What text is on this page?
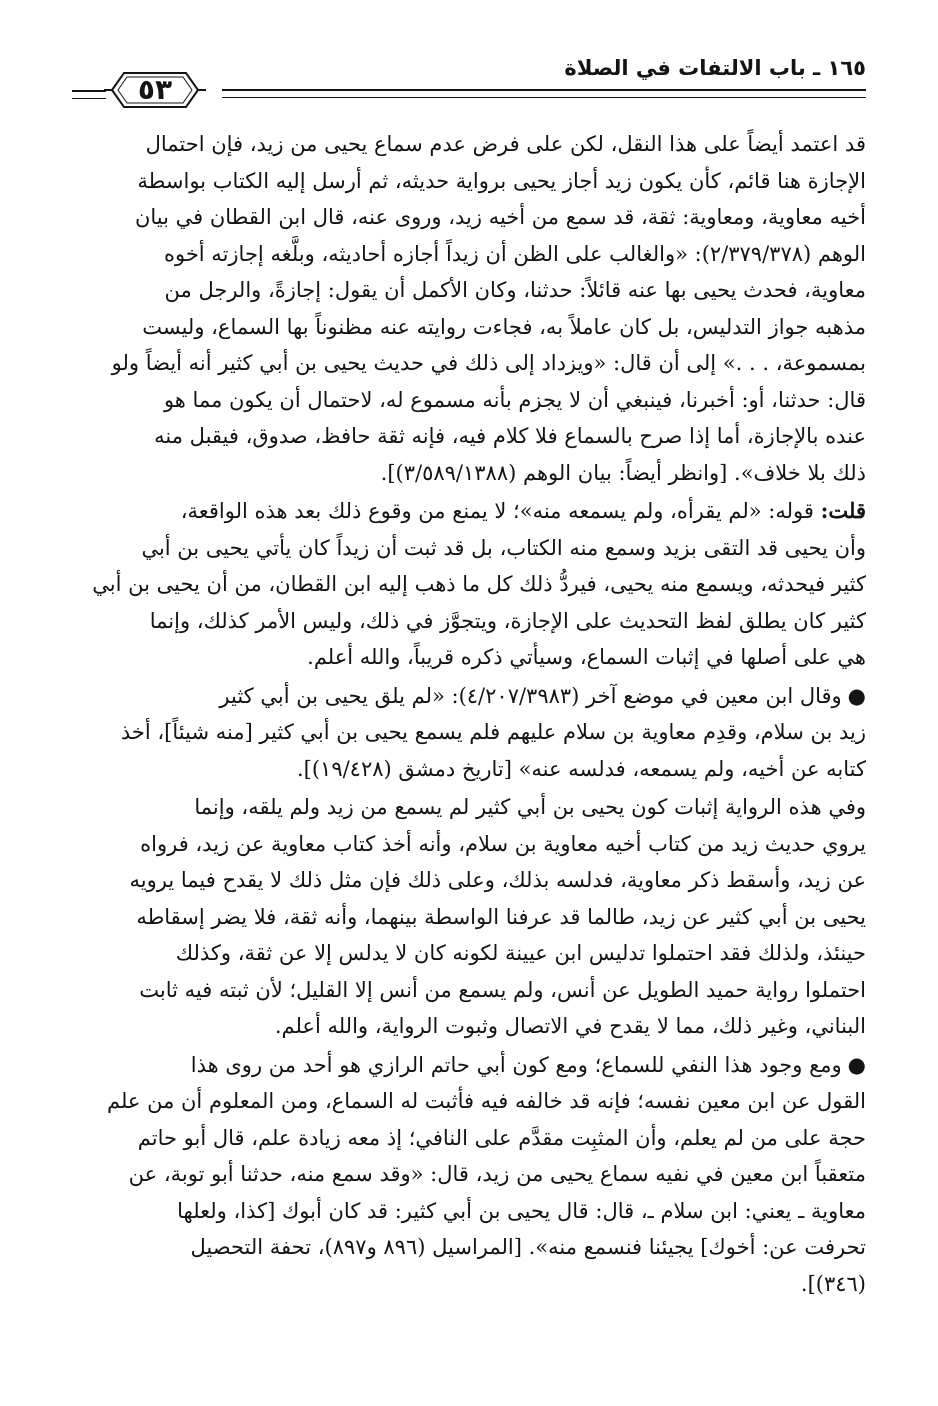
١٦٥ ـ باب الالتفات في الصلاة
٥٣
قد اعتمد أيضاً على هذا النقل، لكن على فرض عدم سماع يحيى من زيد، فإن احتمال
الإجازة هنا قائم، كأن يكون زيد أجاز يحيى برواية حديثه، ثم أرسل إليه الكتاب بواسطة
أخيه معاوية، ومعاوية: ثقة، قد سمع من أخيه زيد، وروى عنه، قال ابن القطان في بيان
الوهم (٢/٣٧٩/٣٧٨): «والغالب على الظن أن زيداً أجازه أحاديثه، وبلَّغه إجازته أخوه
معاوية، فحدث يحيى بها عنه قائلاً: حدثنا، وكان الأكمل أن يقول: إجازةً، والرجل من
مذهبه جواز التدليس، بل كان عاملاً به، فجاءت روايته عنه مظنوناً بها السماع، وليست
بمسموعة، . . .» إلى أن قال: «ويزداد إلى ذلك في حديث يحيى بن أبي كثير أنه أيضاً ولو
قال: حدثنا، أو: أخبرنا، فينبغي أن لا يجزم بأنه مسموع له، لاحتمال أن يكون مما هو
عنده بالإجازة، أما إذا صرح بالسماع فلا كلام فيه، فإنه ثقة حافظ، صدوق، فيقبل منه
ذلك بلا خلاف». [وانظر أيضاً: بيان الوهم (٣/٥٨٩/١٣٨٨)].
قلت: قوله: «لم يقرأه، ولم يسمعه منه»؛ لا يمنع من وقوع ذلك بعد هذه الواقعة،
وأن يحيى قد التقى بزيد وسمع منه الكتاب، بل قد ثبت أن زيداً كان يأتي يحيى بن أبي
كثير فيحدثه، ويسمع منه يحيى، فيردُّ ذلك كل ما ذهب إليه ابن القطان، من أن يحيى بن أبي
كثير كان يطلق لفظ التحديث على الإجازة، ويتجوَّز في ذلك، وليس الأمر كذلك، وإنما
هي على أصلها في إثبات السماع، وسيأتي ذكره قريباً، والله أعلم.
●وقال ابن معين في موضع آخر (٤/٢٠٧/٣٩٨٣): «لم يلق يحيى بن أبي كثير
زيد بن سلام، وقدِم معاوية بن سلام عليهم فلم يسمع يحيى بن أبي كثير [منه شيئاً]، أخذ
كتابه عن أخيه، ولم يسمعه، فدلسه عنه» [تاريخ دمشق (١٩/٤٢٨)].
وفي هذه الرواية إثبات كون يحيى بن أبي كثير لم يسمع من زيد ولم يلقه، وإنما
يروي حديث زيد من كتاب أخيه معاوية بن سلام، وأنه أخذ كتاب معاوية عن زيد، فرواه
عن زيد، وأسقط ذكر معاوية، فدلسه بذلك، وعلى ذلك فإن مثل ذلك لا يقدح فيما يرويه
يحيى بن أبي كثير عن زيد، طالما قد عرفنا الواسطة بينهما، وأنه ثقة، فلا يضر إسقاطه
حينئذ، ولذلك فقد احتملوا تدليس ابن عيينة لكونه كان لا يدلس إلا عن ثقة، وكذلك
احتملوا رواية حميد الطويل عن أنس، ولم يسمع من أنس إلا القليل؛ لأن ثبته فيه ثابت
البناني، وغير ذلك، مما لا يقدح في الاتصال وثبوت الرواية، والله أعلم.
●ومع وجود هذا النفي للسماع؛ ومع كون أبي حاتم الرازي هو أحد من روى هذا
القول عن ابن معين نفسه؛ فإنه قد خالفه فيه فأثبت له السماع، ومن المعلوم أن من علم
حجة على من لم يعلم، وأن المثبِت مقدَّم على النافي؛ إذ معه زيادة علم، قال أبو حاتم
متعقباً ابن معين في نفيه سماع يحيى من زيد، قال: «وقد سمع منه، حدثنا أبو توبة، عن
معاوية ـ يعني: ابن سلام ـ، قال: قال يحيى بن أبي كثير: قد كان أبوك [كذا، ولعلها
تحرفت عن: أخوك] يجيئنا فنسمع منه». [المراسيل (٨٩٦ و٨٩٧)، تحفة التحصيل
(٣٤٦)].
